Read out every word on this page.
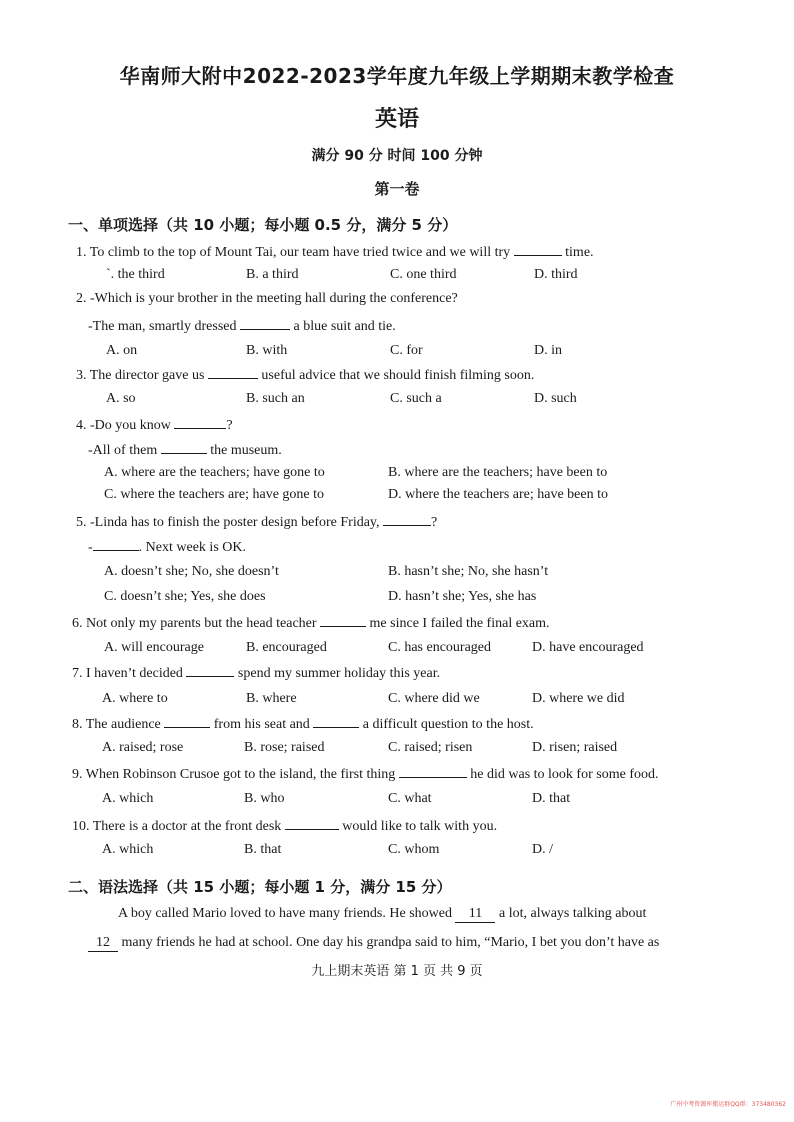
华南师大附中2022-2023学年度九年级上学期期末教学检查
英语
满分 90 分 时间 100 分钟
第一卷
一、单项选择（共 10 小题；每小题 0.5 分，满分 5 分）
1. To climb to the top of Mount Tai, our team have tried twice and we will try	time.
`. the third	B. a third	C. one third	D. third
2. -Which is your brother in the meeting hall during the conference?
-The man, smartly dressed	a blue suit and tie.
A. on	B. with	C. for	D. in
3. The director gave us	useful advice that we should finish filming soon.
A. so	B. such an	C. such a	D. such
4. -Do you know	?
-All of them	the museum.
A. where are the teachers; have gone to	B. where are the teachers; have been to
C. where the teachers are; have gone to	D. where the teachers are; have been to
5. -Linda has to finish the poster design before Friday,	?
-	. Next week is OK.
A. doesn’t she; No, she doesn’t	B. hasn’t she; No, she hasn’t
C. doesn’t she; Yes, she does	D. hasn’t she; Yes, she has
6. Not only my parents but the head teacher	me since I failed the final exam.
A. will encourage	B. encouraged	C. has encouraged	D. have encouraged
7. I haven’t decided	spend my summer holiday this year.
A. where to	B. where	C. where did we	D. where we did
8. The audience	from his seat and	a difficult question to the host.
A. raised; rose	B. rose; raised	C. raised; risen	D. risen; raised
9. When Robinson Crusoe got to the island, the first thing	he did was to look for some food.
A. which	B. who	C. what	D. that
10. There is a doctor at the front desk	would like to talk with you.
A. which	B. that	C. whom	D. /
二、语法选择（共 15 小题；每小题 1 分，满分 15 分）
A boy called Mario loved to have many friends. He showed 11 a lot, always talking about
12 many friends he had at school. One day his grandpa said to him, “Mario, I bet you don’t have as
九上期末英语 第 1 页 共 9 页
广州中考资源库搬运群QQ群：373480362
